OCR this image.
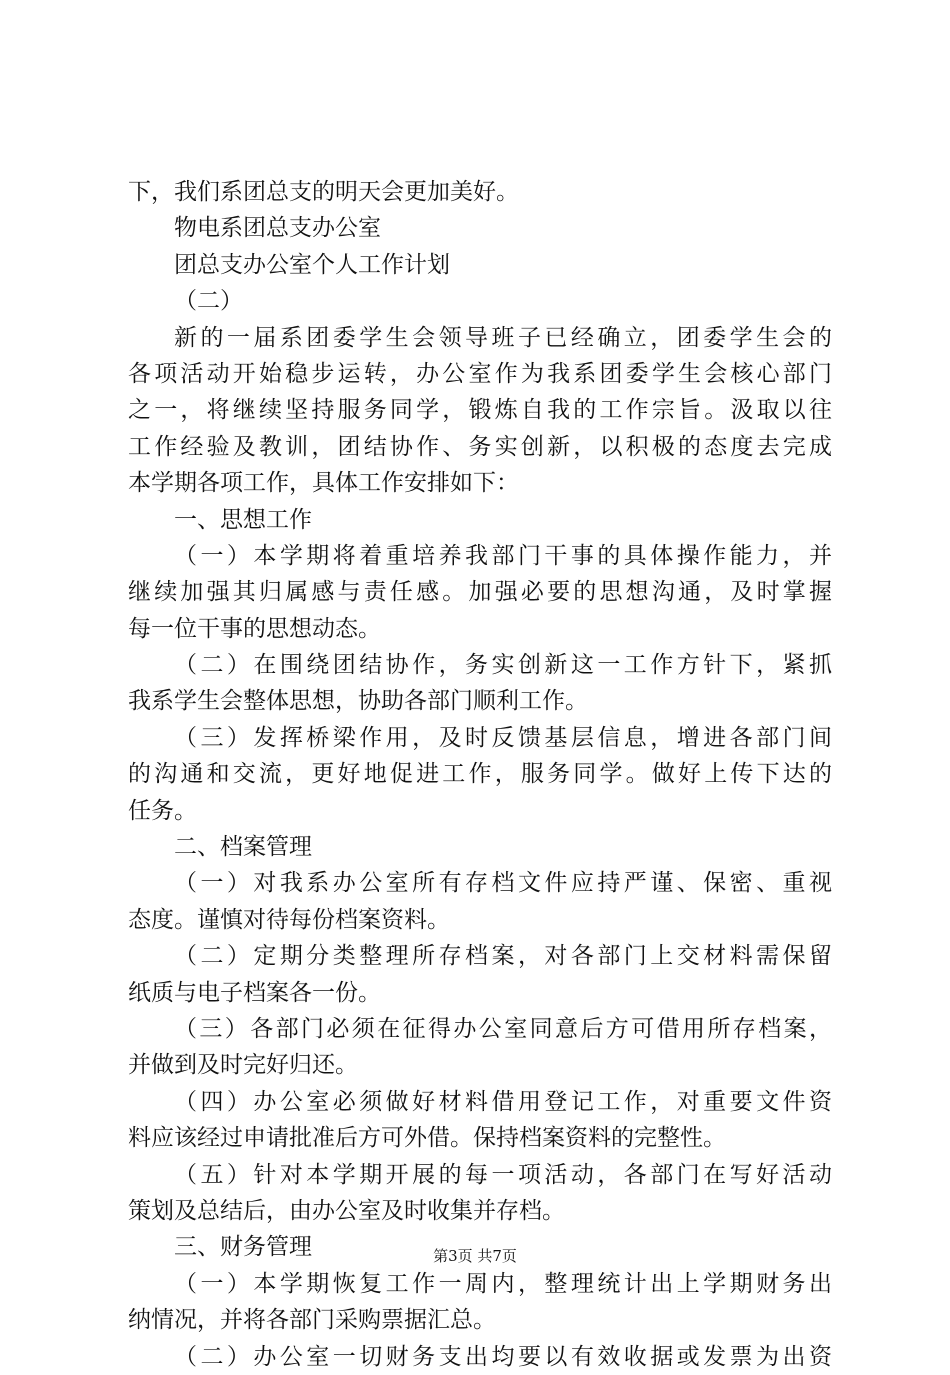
下，我们系团总支的明天会更加美好。
物电系团总支办公室
团总支办公室个人工作计划
（二）
新的一届系团委学生会领导班子已经确立，团委学生会的
各项活动开始稳步运转，办公室作为我系团委学生会核心部门
之一，将继续坚持服务同学，锻炼自我的工作宗旨。汲取以往
工作经验及教训，团结协作、务实创新，以积极的态度去完成
本学期各项工作，具体工作安排如下：
一、思想工作
（一）本学期将着重培养我部门干事的具体操作能力，并
继续加强其归属感与责任感。加强必要的思想沟通，及时掌握
每一位干事的思想动态。
（二）在围绕团结协作，务实创新这一工作方针下，紧抓
我系学生会整体思想，协助各部门顺利工作。
（三）发挥桥梁作用，及时反馈基层信息，增进各部门间
的沟通和交流，更好地促进工作，服务同学。做好上传下达的
任务。
二、档案管理
（一）对我系办公室所有存档文件应持严谨、保密、重视
态度。谨慎对待每份档案资料。
（二）定期分类整理所存档案，对各部门上交材料需保留
纸质与电子档案各一份。
（三）各部门必须在征得办公室同意后方可借用所存档案，
并做到及时完好归还。
（四）办公室必须做好材料借用登记工作，对重要文件资
料应该经过申请批准后方可外借。保持档案资料的完整性。
（五）针对本学期开展的每一项活动，各部门在写好活动
策划及总结后，由办公室及时收集并存档。
三、财务管理
（一）本学期恢复工作一周内，整理统计出上学期财务出
纳情况，并将各部门采购票据汇总。
（二）办公室一切财务支出均要以有效收据或发票为出资
第3页 共7页
